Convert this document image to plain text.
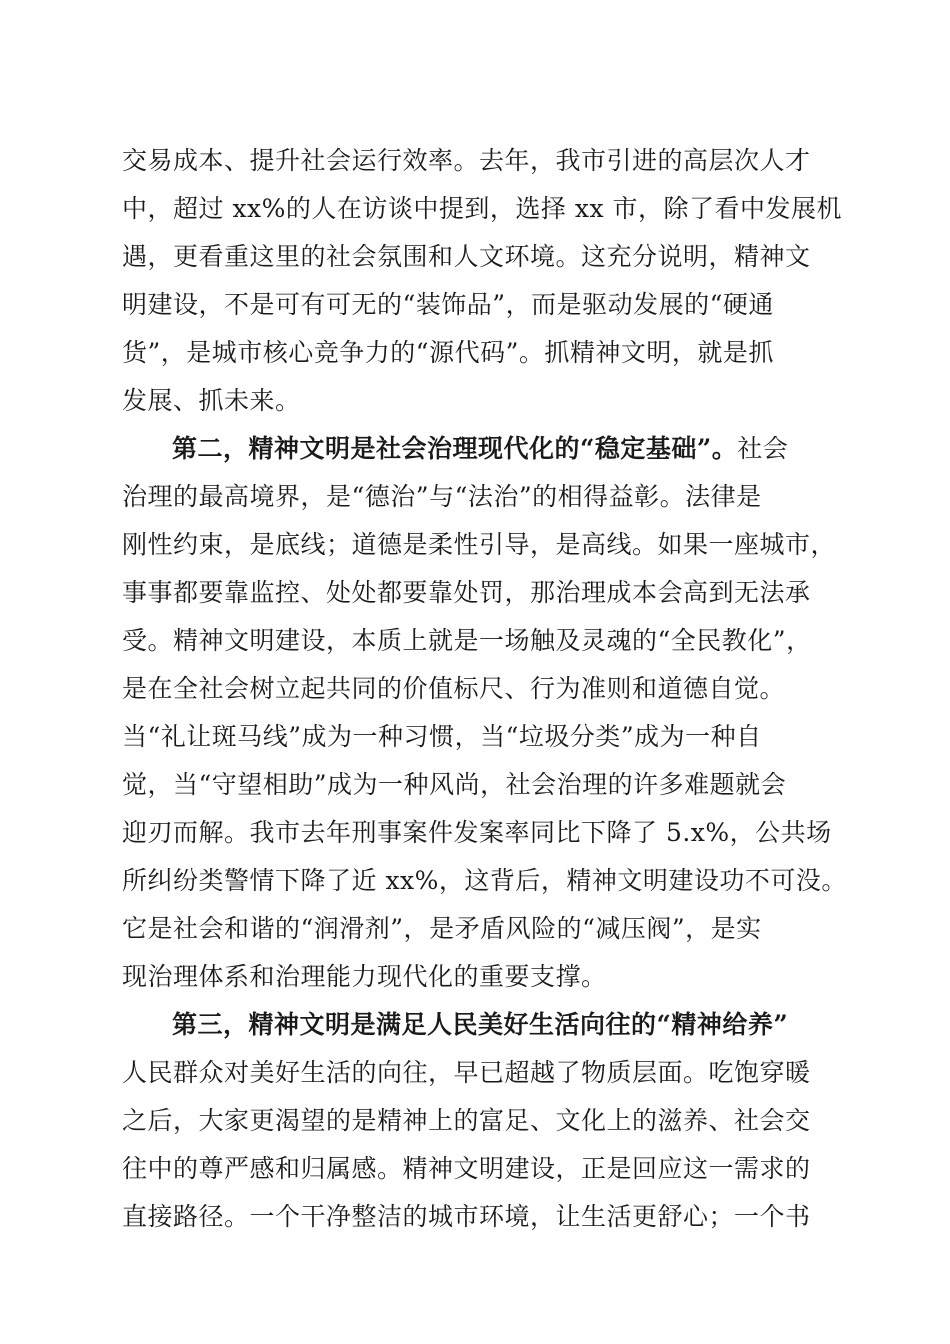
交易成本、提升社会运行效率。去年，我市引进的高层次人才
中，超过 xx%的人在访谈中提到，选择 xx 市，除了看中发展机
遇，更看重这里的社会氛围和人文环境。这充分说明，精神文
明建设，不是可有可无的“装饰品”，而是驱动发展的“硬通
货”，是城市核心竞争力的“源代码”。抓精神文明，就是抓
发展、抓未来。
第二，精神文明是社会治理现代化的“稳定基础”。社会
治理的最高境界，是“德治”与“法治”的相得益彰。法律是
刚性约束，是底线；道德是柔性引导，是高线。如果一座城市，
事事都要靠监控、处处都要靠处罚，那治理成本会高到无法承
受。精神文明建设，本质上就是一场触及灵魂的“全民教化”，
是在全社会树立起共同的价值标尺、行为准则和道德自觉。
当“礼让斑马线”成为一种习惯，当“垃圾分类”成为一种自
觉，当“守望相助”成为一种风尚，社会治理的许多难题就会
迎刃而解。我市去年刑事案件发案率同比下降了 5.x%，公共场
所纠纷类警情下降了近 xx%，这背后，精神文明建设功不可没。
它是社会和谐的“润滑剂”，是矛盾风险的“减压阀”，是实
现治理体系和治理能力现代化的重要支撑。
第三，精神文明是满足人民美好生活向往的“精神给养”
人民群众对美好生活的向往，早已超越了物质层面。吃饱穿暖
之后，大家更渴望的是精神上的富足、文化上的滋养、社会交
往中的尊严感和归属感。精神文明建设，正是回应这一需求的
直接路径。一个干净整洁的城市环境，让生活更舒心；一个书
